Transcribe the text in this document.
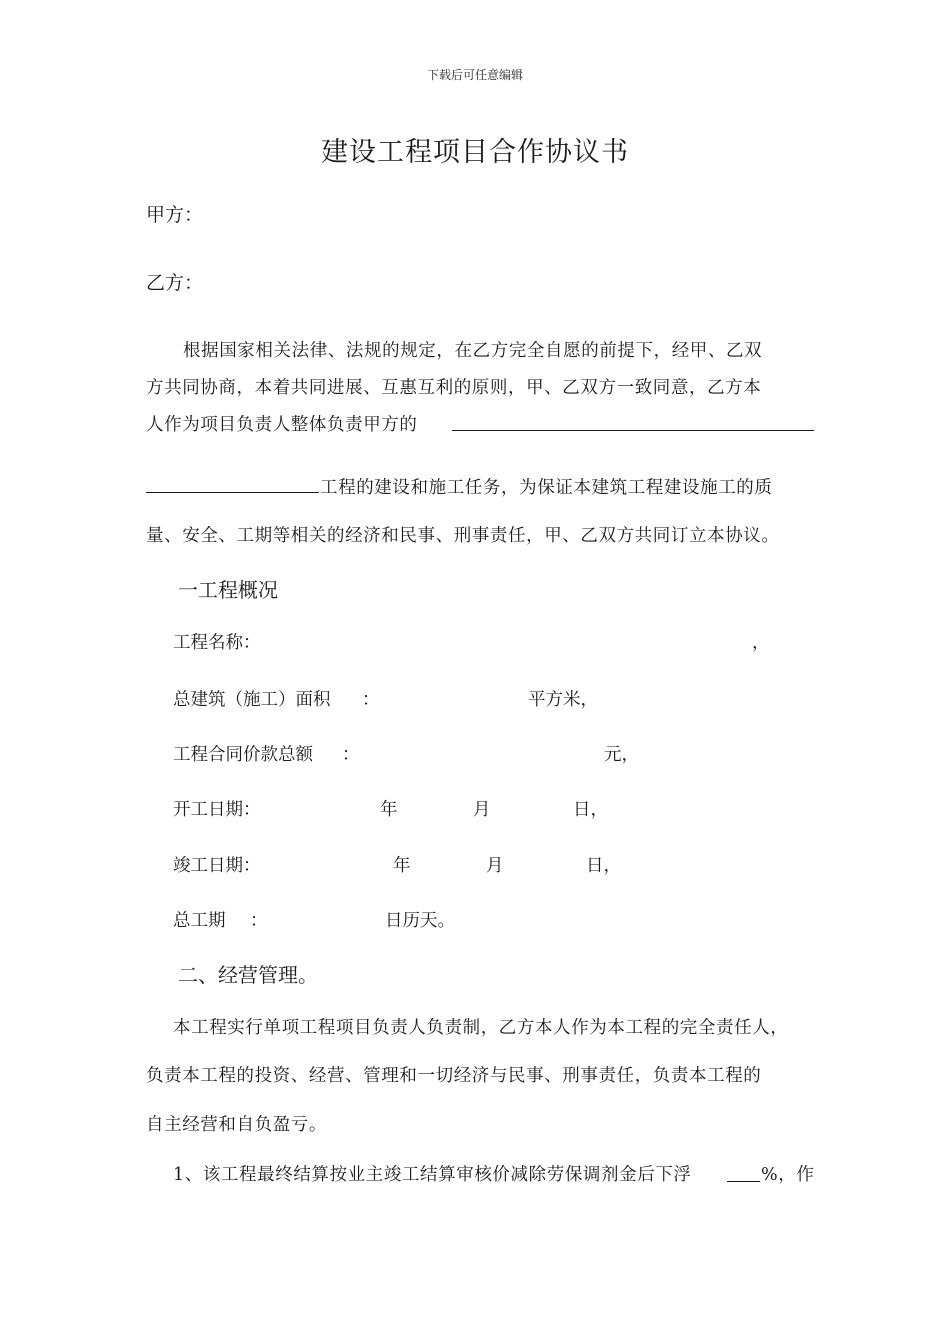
下载后可任意编辑
建设工程项目合作协议书
甲方：
乙方：
根据国家相关法律、法规的规定，在乙方完全自愿的前提下，经甲、乙双
方共同协商，本着共同进展、互惠互利的原则，甲、乙双方一致同意，乙方本
人作为项目负责人整体负责甲方的
工程的建设和施工任务，为保证本建筑工程建设施工的质
量、安全、工期等相关的经济和民事、刑事责任，甲、乙双方共同订立本协议。
一工程概况
工程名称：	，
总建筑（施工）面积 ：	平方米，
工程合同价款总额 ：	元，
开工日期：	年	月	日，
竣工日期：	年	月	日，
总工期 ：	日历天。
二、经营管理。
本工程实行单项工程项目负责人负责制，乙方本人作为本工程的完全责任人，
负责本工程的投资、经营、管理和一切经济与民事、刑事责任，负责本工程的
自主经营和自负盈亏。
1、该工程最终结算按业主竣工结算审核价减除劳保调剂金后下浮	%，作
